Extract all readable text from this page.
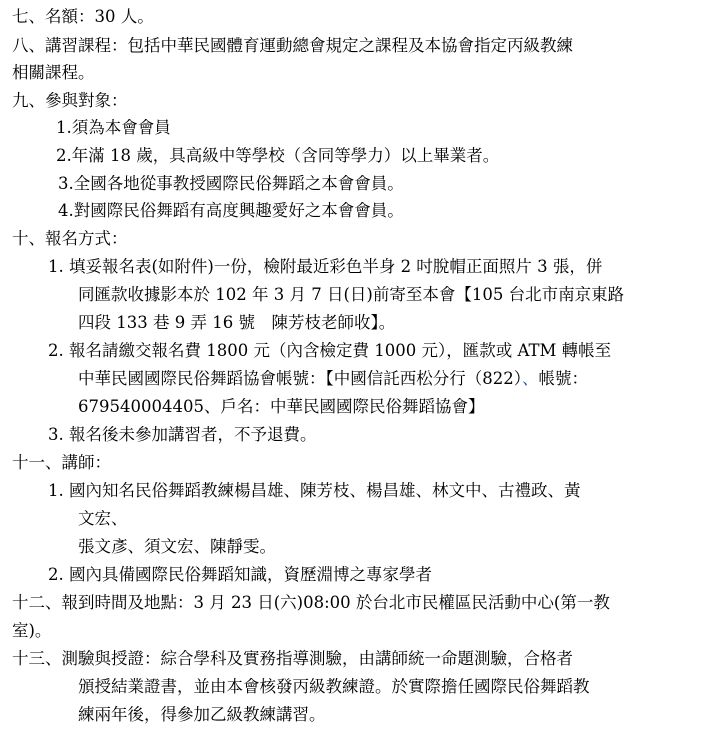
七、名額：30 人。
八、講習課程：包括中華民國體育運動總會規定之課程及本協會指定丙級教練
相關課程。
九、參與對象：
1.須為本會會員
2.年滿 18 歲，具高級中等學校（含同等學力）以上畢業者。
3.全國各地從事教授國際民俗舞蹈之本會會員。
4.對國際民俗舞蹈有高度興趣愛好之本會會員。
十、報名方式：
1. 填妥報名表(如附件)一份，檢附最近彩色半身 2 吋脫帽正面照片 3 張，併
同匯款收據影本於 102 年 3 月 7 日(日)前寄至本會【105 台北市南京東路
四段 133 巷 9 弄 16 號　陳芳枝老師收】。
2. 報名請繳交報名費 1800 元（內含檢定費 1000 元），匯款或 ATM 轉帳至
中華民國國際民俗舞蹈協會帳號：【中國信託西松分行（822）、帳號：
679540004405、戶名：中華民國國際民俗舞蹈協會】
3. 報名後未參加講習者，不予退費。
十一、講師：
1. 國內知名民俗舞蹈教練楊昌雄、陳芳枝、楊昌雄、林文中、古禮政、黃
文宏、
張文彥、須文宏、陳靜雯。
2. 國內具備國際民俗舞蹈知識，資歷淵博之專家學者
十二、報到時間及地點：3 月 23 日(六)08:00 於台北市民權區民活動中心(第一教
室)。
十三、測驗與授證：綜合學科及實務指導測驗，由講師統一命題測驗，合格者
頒授結業證書，並由本會核發丙級教練證。於實際擔任國際民俗舞蹈教
練兩年後，得參加乙級教練講習。
